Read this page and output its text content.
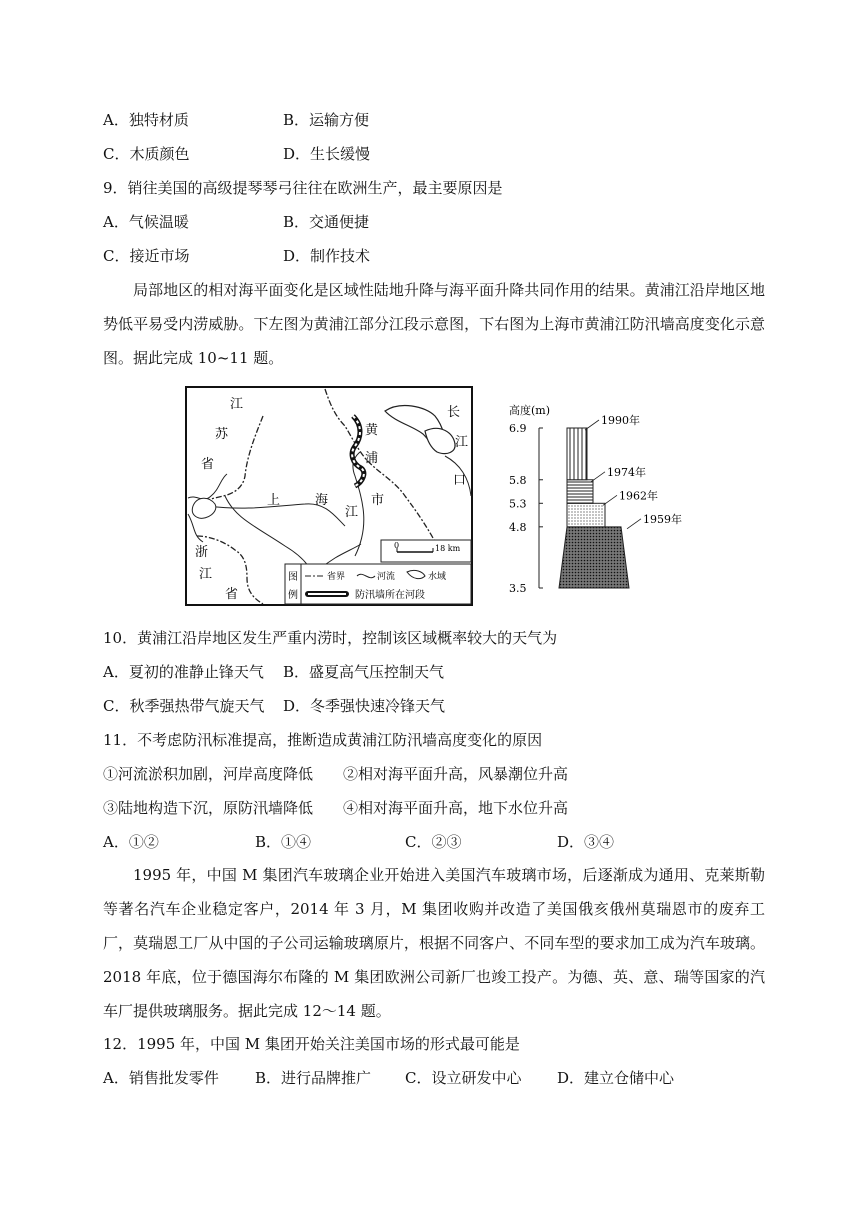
A．独特材质	B．运输方便
C．木质颜色	D．生长缓慢
9．销往美国的高级提琴琴弓往往在欧洲生产，最主要原因是
A．气候温暖	B．交通便捷
C．接近市场	D．制作技术
局部地区的相对海平面变化是区域性陆地升降与海平面升降共同作用的结果。黄浦江沿岸地区地势低平易受内涝威胁。下左图为黄浦江部分江段示意图，下右图为上海市黄浦江防汛墙高度变化示意图。据此完成 10~11 题。
江
苏
省
上	海	市
江
浙
江
省
黄
浦
长
江
口
0	18 km
图
例
省界	河流	水域
防汛墙所在河段
高度(m)
6.9
5.8
5.3
4.8
3.5
1959年
1962年
1974年
1990年
10．黄浦江沿岸地区发生严重内涝时，控制该区域概率较大的天气为
A．夏初的准静止锋天气 B．盛夏高气压控制天气
C．秋季强热带气旋天气 D．冬季强快速冷锋天气
11．不考虑防汛标准提高，推断造成黄浦江防汛墙高度变化的原因
①河流淤积加剧，河岸高度降低 ②相对海平面升高，风暴潮位升高
③陆地构造下沉，原防汛墙降低 ④相对海平面升高，地下水位升高
A．①②	B．①④	C．②③	D．③④
1995 年，中国 M 集团汽车玻璃企业开始进入美国汽车玻璃市场，后逐渐成为通用、克莱斯勒等著名汽车企业稳定客户，2014 年 3 月，M 集团收购并改造了美国俄亥俄州莫瑞恩市的废弃工厂，莫瑞恩工厂从中国的子公司运输玻璃原片，根据不同客户、不同车型的要求加工成为汽车玻璃。2018 年底，位于德国海尔布隆的 M 集团欧洲公司新厂也竣工投产。为德、英、意、瑞等国家的汽车厂提供玻璃服务。据此完成 12～14 题。
12．1995 年，中国 M 集团开始关注美国市场的形式最可能是
A．销售批发零件 B．进行品牌推广 C．设立研发中心 D．建立仓储中心
